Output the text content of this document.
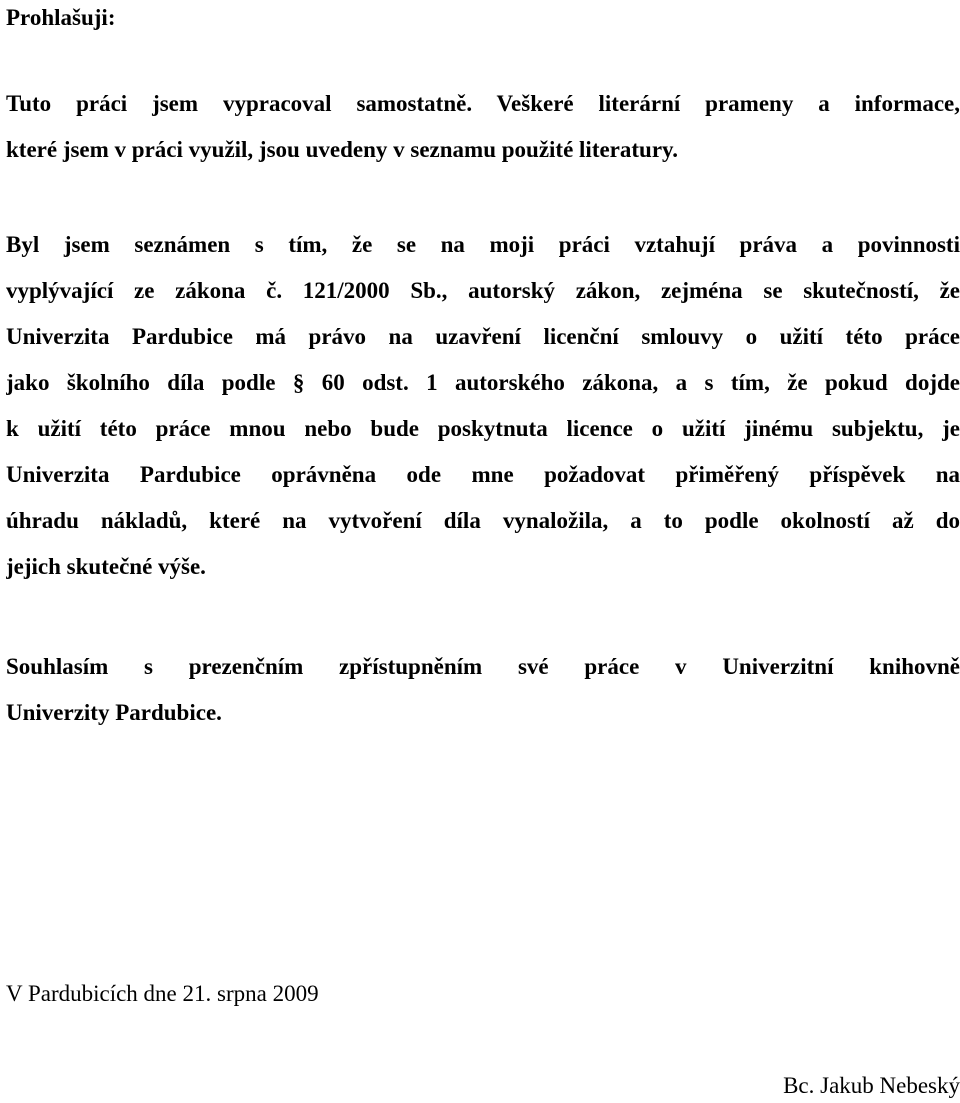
Prohlašuji:
Tuto práci jsem vypracoval samostatně. Veškeré literární prameny a informace,
které jsem v práci využil, jsou uvedeny v seznamu použité literatury.
Byl jsem seznámen s tím, že se na moji práci vztahují práva a povinnosti
vyplývající ze zákona č. 121/2000 Sb., autorský zákon, zejména se skutečností, že
Univerzita Pardubice má právo na uzavření licenční smlouvy o užití této práce
jako školního díla podle § 60 odst. 1 autorského zákona, a s tím, že pokud dojde
k užití této práce mnou nebo bude poskytnuta licence o užití jinému subjektu, je
Univerzita Pardubice oprávněna ode mne požadovat přiměřený příspěvek na
úhradu nákladů, které na vytvoření díla vynaložila, a to podle okolností až do
jejich skutečné výše.
Souhlasím s prezenčním zpřístupněním své práce v Univerzitní knihovně
Univerzity Pardubice.
V Pardubicích dne 21. srpna 2009
Bc. Jakub Nebeský
